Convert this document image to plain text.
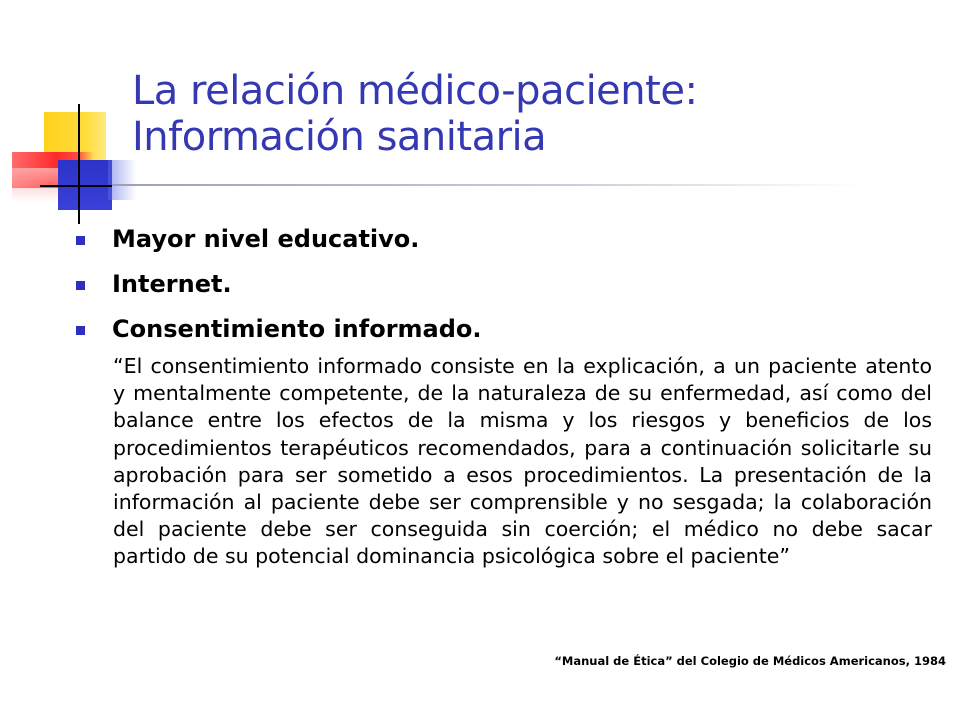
La relación médico-paciente:
Información sanitaria
Mayor nivel educativo.
Internet.
Consentimiento informado.

“El consentimiento informado consiste en la explicación, a un paciente atento y mentalmente competente, de la naturaleza de su enfermedad, así como del balance entre los efectos de la misma y los riesgos y beneficios de los procedimientos terapéuticos recomendados, para a continuación solicitarle su aprobación para ser sometido a esos procedimientos. La presentación de la información al paciente debe ser comprensible y no sesgada; la colaboración del paciente debe ser conseguida sin coerción; el médico no debe sacar partido de su potencial dominancia psicológica sobre el paciente”

“Manual de Ética” del Colegio de Médicos Americanos, 1984
